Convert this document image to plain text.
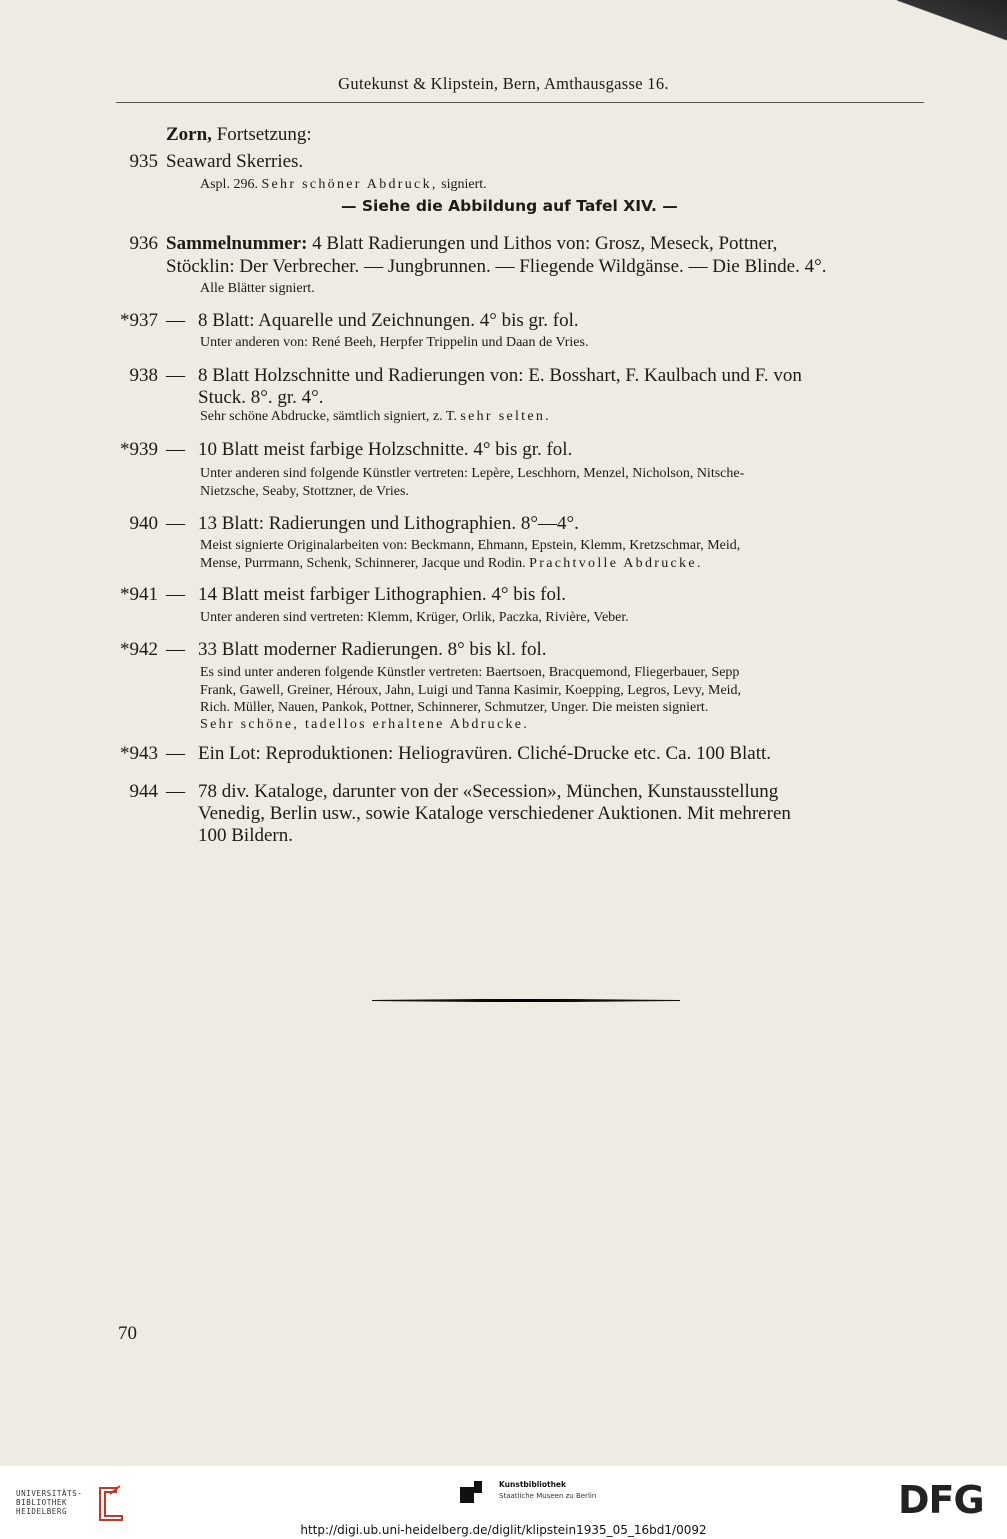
Gutekunst & Klipstein, Bern, Amthausgasse 16.
Zorn, Fortsetzung:
935 Seaward Skerries.
Aspl. 296. Sehr schöner Abdruck, signiert.
— Siehe die Abbildung auf Tafel XIV. —
936 Sammelnummer: 4 Blatt Radierungen und Lithos von: Grosz, Meseck, Pottner,
Stöcklin: Der Verbrecher. — Jungbrunnen. — Fliegende Wildgänse. — Die Blinde. 4°.
Alle Blätter signiert.
*937 — 8 Blatt: Aquarelle und Zeichnungen. 4° bis gr. fol.
Unter anderen von: René Beeh, Herpfer Trippelin und Daan de Vries.
938 — 8 Blatt Holzschnitte und Radierungen von: E. Bosshart, F. Kaulbach und F. von
Stuck. 8°. gr. 4°.
Sehr schöne Abdrucke, sämtlich signiert, z. T. sehr selten.
*939 — 10 Blatt meist farbige Holzschnitte. 4° bis gr. fol.
Unter anderen sind folgende Künstler vertreten: Lepère, Leschhorn, Menzel, Nicholson, Nitsche-
Nietzsche, Seaby, Stottzner, de Vries.
940 — 13 Blatt: Radierungen und Lithographien. 8°—4°.
Meist signierte Originalarbeiten von: Beckmann, Ehmann, Epstein, Klemm, Kretzschmar, Meid,
Mense, Purrmann, Schenk, Schinnerer, Jacque und Rodin. Prachtvolle Abdrucke.
*941 — 14 Blatt meist farbiger Lithographien. 4° bis fol.
Unter anderen sind vertreten: Klemm, Krüger, Orlik, Paczka, Rivière, Veber.
*942 — 33 Blatt moderner Radierungen. 8° bis kl. fol.
Es sind unter anderen folgende Künstler vertreten: Baertsoen, Bracquemond, Fliegerbauer, Sepp
Frank, Gawell, Greiner, Héroux, Jahn, Luigi und Tanna Kasimir, Koepping, Legros, Levy, Meid,
Rich. Müller, Nauen, Pankok, Pottner, Schinnerer, Schmutzer, Unger. Die meisten signiert.
Sehr schöne, tadellos erhaltene Abdrucke.
*943 — Ein Lot: Reproduktionen: Heliogravüren. Cliché-Drucke etc. Ca. 100 Blatt.
944 — 78 div. Kataloge, darunter von der «Secession», München, Kunstausstellung
Venedig, Berlin usw., sowie Kataloge verschiedener Auktionen. Mit mehreren
100 Bildern.
70
UNIVERSITÄTS-
BIBLIOTHEK
HEIDELBERG
Kunstbibliothek
Staatliche Museen zu Berlin	DFG
http://digi.ub.uni-heidelberg.de/diglit/klipstein1935_05_16bd1/0092
